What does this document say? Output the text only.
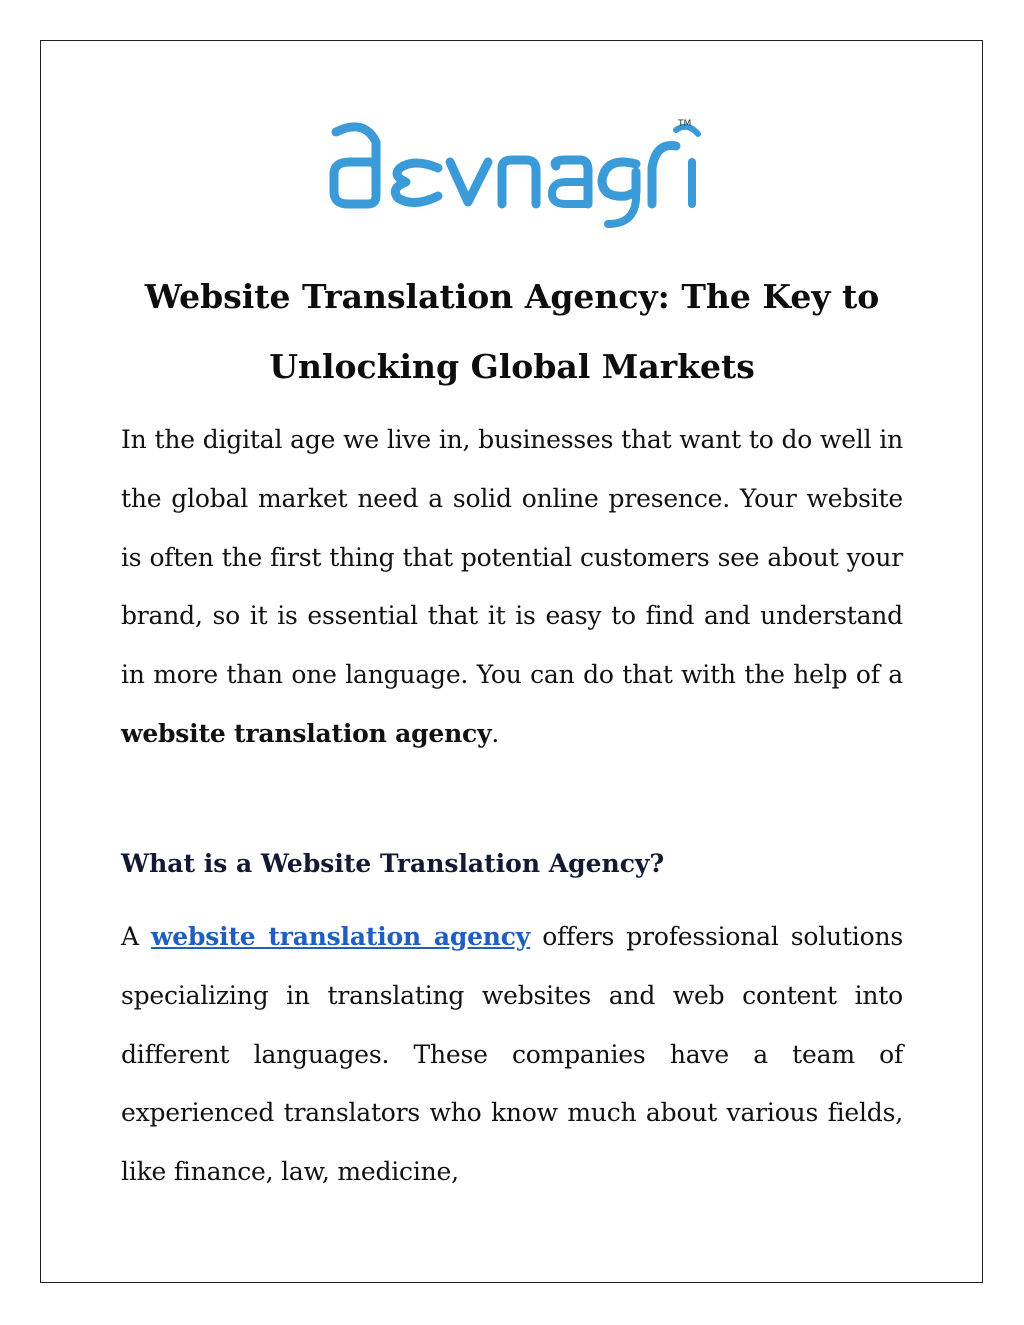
TM
Website Translation Agency: The Key to Unlocking Global Markets

In the digital age we live in, businesses that want to do well in the global market need a solid online presence. Your website is often the first thing that potential customers see about your brand, so it is essential that it is easy to find and understand in more than one language. You can do that with the help of a website translation agency.

What is a Website Translation Agency?

A website translation agency offers professional solutions specializing in translating websites and web content into different languages. These companies have a team of experienced translators who know much about various fields, like finance, law, medicine,
